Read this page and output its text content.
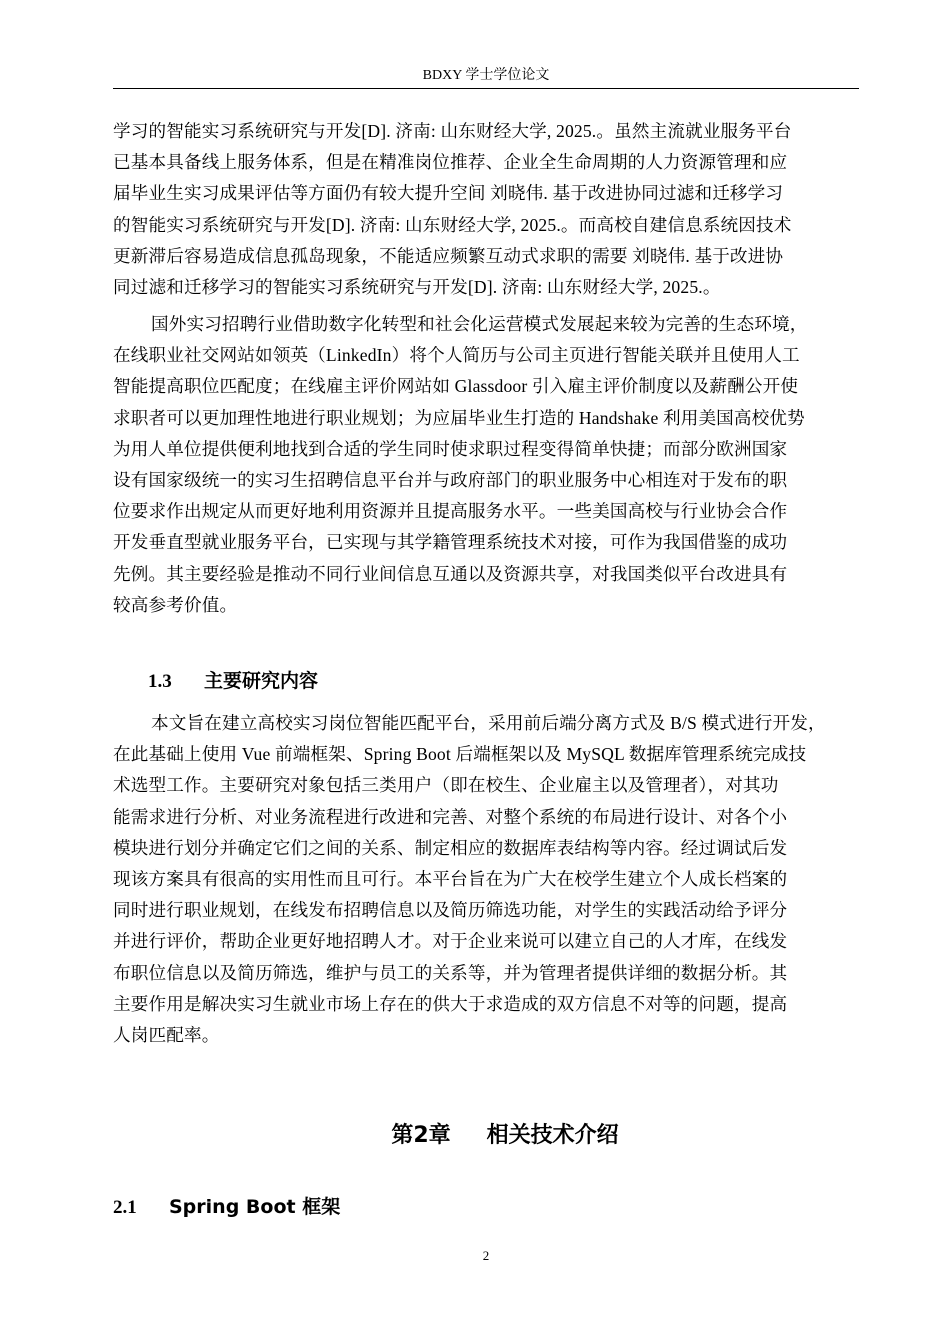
BDXY 学士学位论文

学习的智能实习系统研究与开发[D]. 济南: 山东财经大学, 2025.。虽然主流就业服务平台

已基本具备线上服务体系，但是在精准岗位推荐、企业全生命周期的人力资源管理和应

届毕业生实习成果评估等方面仍有较大提升空间 刘晓伟. 基于改进协同过滤和迁移学习

的智能实习系统研究与开发[D]. 济南: 山东财经大学, 2025.。而高校自建信息系统因技术

更新滞后容易造成信息孤岛现象，不能适应频繁互动式求职的需要 刘晓伟. 基于改进协

同过滤和迁移学习的智能实习系统研究与开发[D]. 济南: 山东财经大学, 2025.。

国外实习招聘行业借助数字化转型和社会化运营模式发展起来较为完善的生态环境，

在线职业社交网站如领英（LinkedIn）将个人简历与公司主页进行智能关联并且使用人工

智能提高职位匹配度；在线雇主评价网站如 Glassdoor 引入雇主评价制度以及薪酬公开使

求职者可以更加理性地进行职业规划；为应届毕业生打造的 Handshake 利用美国高校优势

为用人单位提供便利地找到合适的学生同时使求职过程变得简单快捷；而部分欧洲国家

设有国家级统一的实习生招聘信息平台并与政府部门的职业服务中心相连对于发布的职

位要求作出规定从而更好地利用资源并且提高服务水平。一些美国高校与行业协会合作

开发垂直型就业服务平台，已实现与其学籍管理系统技术对接，可作为我国借鉴的成功

先例。其主要经验是推动不同行业间信息互通以及资源共享，对我国类似平台改进具有

较高参考价值。

1.3 主要研究内容

本文旨在建立高校实习岗位智能匹配平台，采用前后端分离方式及 B/S 模式进行开发，

在此基础上使用 Vue 前端框架、Spring Boot 后端框架以及 MySQL 数据库管理系统完成技

术选型工作。主要研究对象包括三类用户（即在校生、企业雇主以及管理者），对其功

能需求进行分析、对业务流程进行改进和完善、对整个系统的布局进行设计、对各个小

模块进行划分并确定它们之间的关系、制定相应的数据库表结构等内容。经过调试后发

现该方案具有很高的实用性而且可行。本平台旨在为广大在校学生建立个人成长档案的

同时进行职业规划，在线发布招聘信息以及简历筛选功能，对学生的实践活动给予评分

并进行评价，帮助企业更好地招聘人才。对于企业来说可以建立自己的人才库，在线发

布职位信息以及简历筛选，维护与员工的关系等，并为管理者提供详细的数据分析。其

主要作用是解决实习生就业市场上存在的供大于求造成的双方信息不对等的问题，提高

人岗匹配率。

第2章 相关技术介绍
2.1 Spring Boot 框架
2
